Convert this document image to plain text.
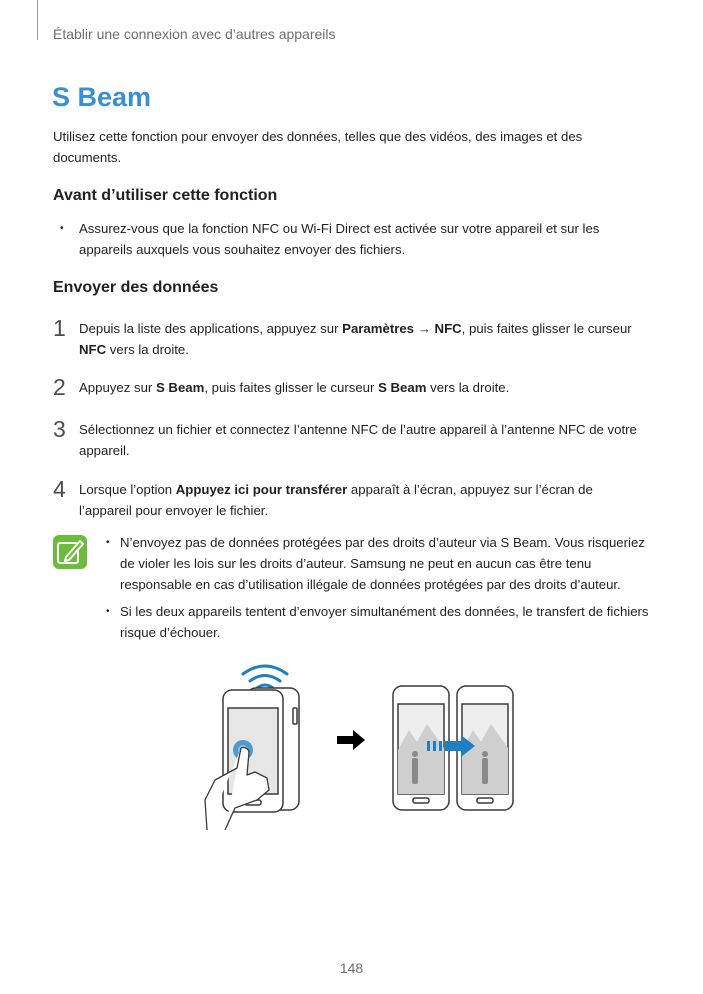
Établir une connexion avec d’autres appareils
S Beam

Utilisez cette fonction pour envoyer des données, telles que des vidéos, des images et des documents.

Avant d’utiliser cette fonction
•	Assurez-vous que la fonction NFC ou Wi-Fi Direct est activée sur votre appareil et sur les appareils auxquels vous souhaitez envoyer des fichiers.
Envoyer des données
1	Depuis la liste des applications, appuyez sur Paramètres → NFC, puis faites glisser le curseur NFC vers la droite.
2	Appuyez sur S Beam, puis faites glisser le curseur S Beam vers la droite.
3	Sélectionnez un fichier et connectez l’antenne NFC de l’autre appareil à l’antenne NFC de votre appareil.
4	Lorsque l’option Appuyez ici pour transférer apparaît à l’écran, appuyez sur l’écran de l’appareil pour envoyer le fichier.
• N’envoyez pas de données protégées par des droits d’auteur via S Beam. Vous risqueriez de violer les lois sur les droits d’auteur. Samsung ne peut en aucun cas être tenu responsable en cas d’utilisation illégale de données protégées par des droits d’auteur.
• Si les deux appareils tentent d’envoyer simultanément des données, le transfert de fichiers risque d’échouer.
148
